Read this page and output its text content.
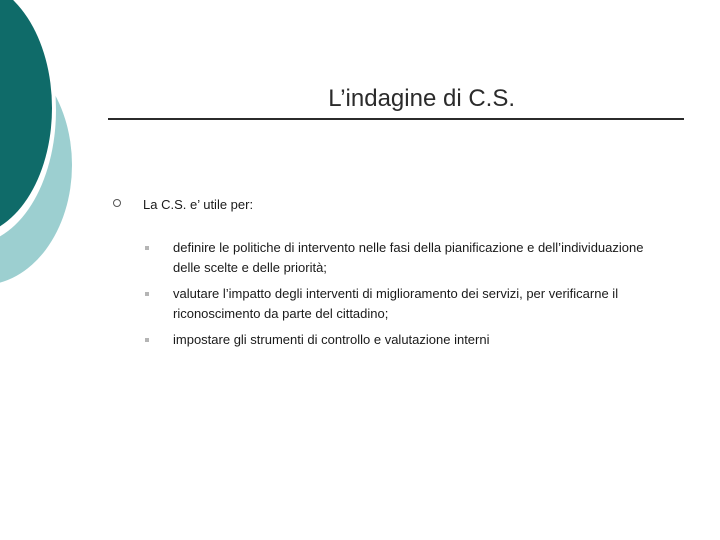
L’indagine di C.S.
La C.S. e’ utile per:
definire le politiche di intervento nelle fasi della pianificazione e dell’individuazione delle scelte e delle priorità;
valutare l’impatto degli interventi di miglioramento dei servizi, per verificarne il riconoscimento da parte del cittadino;
impostare gli strumenti di controllo e valutazione interni
